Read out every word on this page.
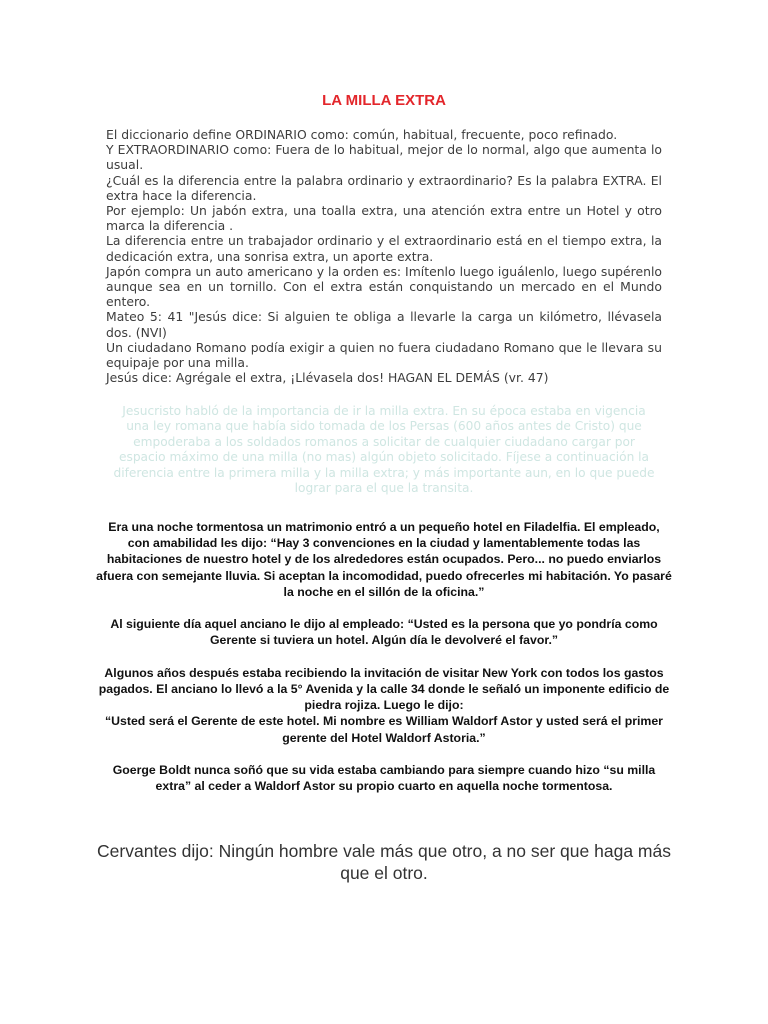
LA MILLA EXTRA

El diccionario define ORDINARIO como: común, habitual, frecuente, poco refinado.

Y EXTRAORDINARIO como: Fuera de lo habitual, mejor de lo normal, algo que aumenta lo usual.

¿Cuál es la diferencia entre la palabra ordinario y extraordinario? Es la palabra EXTRA. El extra hace la diferencia.

Por ejemplo: Un jabón extra, una toalla extra, una atención extra entre un Hotel y otro marca la diferencia .

La diferencia entre un trabajador ordinario y el extraordinario está en el tiempo extra, la dedicación extra, una sonrisa extra, un aporte extra.

Japón compra un auto americano y la orden es: Imítenlo luego iguálenlo, luego supérenlo aunque sea en un tornillo. Con el extra están conquistando un mercado en el Mundo entero.

Mateo 5: 41 "Jesús dice: Si alguien te obliga a llevarle la carga un kilómetro, llévasela dos. (NVI)

Un ciudadano Romano podía exigir a quien no fuera ciudadano Romano que le llevara su equipaje por una milla.

Jesús dice: Agrégale el extra, ¡Llévasela dos! HAGAN EL DEMÁS (vr. 47)

Jesucristo habló de la importancia de ir la milla extra. En su época estaba en vigencia una ley romana que había sido tomada de los Persas (600 años antes de Cristo) que empoderaba a los soldados romanos a solicitar de cualquier ciudadano cargar por espacio máximo de una milla (no mas) algún objeto solicitado. Fíjese a continuación la diferencia entre la primera milla y la milla extra; y más importante aun, en lo que puede lograr para el que la transita.

Era una noche tormentosa un matrimonio entró a un pequeño hotel en Filadelfia. El empleado, con amabilidad les dijo: “Hay 3 convenciones en la ciudad y lamentablemente todas las habitaciones de nuestro hotel y de los alrededores están ocupados. Pero... no puedo enviarlos afuera con semejante lluvia. Si aceptan la incomodidad, puedo ofrecerles mi habitación. Yo pasaré la noche en el sillón de la oficina.”

Al siguiente día aquel anciano le dijo al empleado: “Usted es la persona que yo pondría como Gerente si tuviera un hotel. Algún día le devolveré el favor.”

Algunos años después estaba recibiendo la invitación de visitar New York con todos los gastos pagados. El anciano lo llevó a la 5° Avenida y la calle 34 donde le señaló un imponente edificio de piedra rojiza. Luego le dijo:

“Usted será el Gerente de este hotel. Mi nombre es William Waldorf Astor y usted será el primer gerente del Hotel Waldorf Astoria.”

Goerge Boldt nunca soñó que su vida estaba cambiando para siempre cuando hizo “su milla extra” al ceder a Waldorf Astor su propio cuarto en aquella noche tormentosa.

Cervantes dijo: Ningún hombre vale más que otro, a no ser que haga más que el otro.
